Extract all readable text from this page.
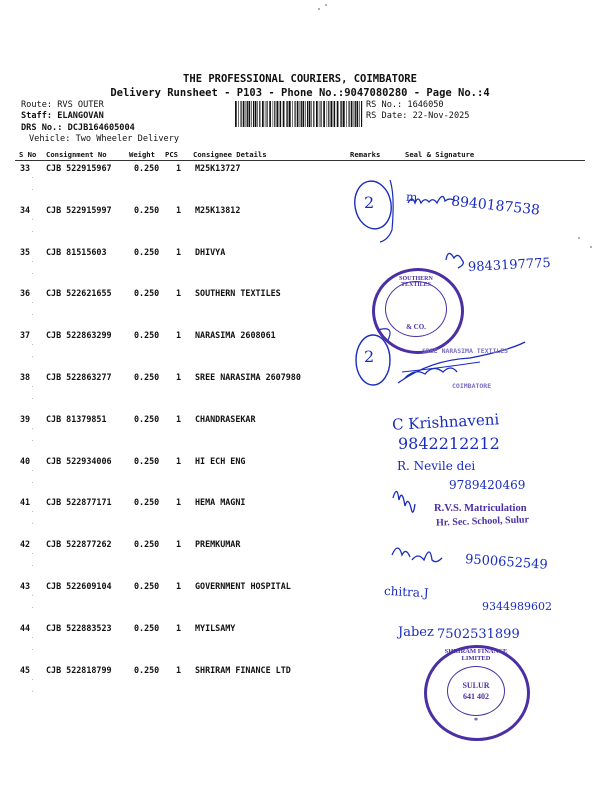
THE PROFESSIONAL COURIERS, COIMBATORE
Delivery Runsheet - P103 - Phone No.:9047080280 - Page No.:4
Route: RVS OUTER
Staff: ELANGOVAN
DRS No.: DCJB164605004
Vehicle: Two Wheeler Delivery
RS No.: 1646050
RS Date: 22-Nov-2025
S No Consignment No	Weight PCS Consignee Details	Remarks	Seal & Signature
33 CJB 522915967	0.250 1 M25K13727
34 CJB 522915997	0.250 1 M25K13812
35 CJB 81515603	0.250 1 DHIVYA
36 CJB 522621655	0.250 1 SOUTHERN TEXTILES
37 CJB 522863299	0.250 1 NARASIMA 2608061
38 CJB 522863277	0.250 1 SREE NARASIMA 2607980
39 CJB 81379851	0.250 1 CHANDRASEKAR
40 CJB 522934006	0.250 1 HI ECH ENG
41 CJB 522877171	0.250 1 HEMA MAGNI
42 CJB 522877262	0.250 1 PREMKUMAR
43 CJB 522609104	0.250 1 GOVERNMENT HOSPITAL
44 CJB 522883523	0.250 1 MYILSAMY
45 CJB 522818799	0.250 1 SHRIRAM FINANCE LTD
m 8940187538
2
9843197775
2
C Krishnaveni
9842212212
R. Nevile dei
9789420469
9500652549
chitra.J
9344989602
Jabez 7502531899
SOUTHERN TEXTILES
& CO.
SREE NARASIMA TEXTILES
COIMBATORE
R.V.S. Matriculation
Hr. Sec. School, Sulur
SHRIRAM FINANCE LIMITED
SULUR
641 402
*
